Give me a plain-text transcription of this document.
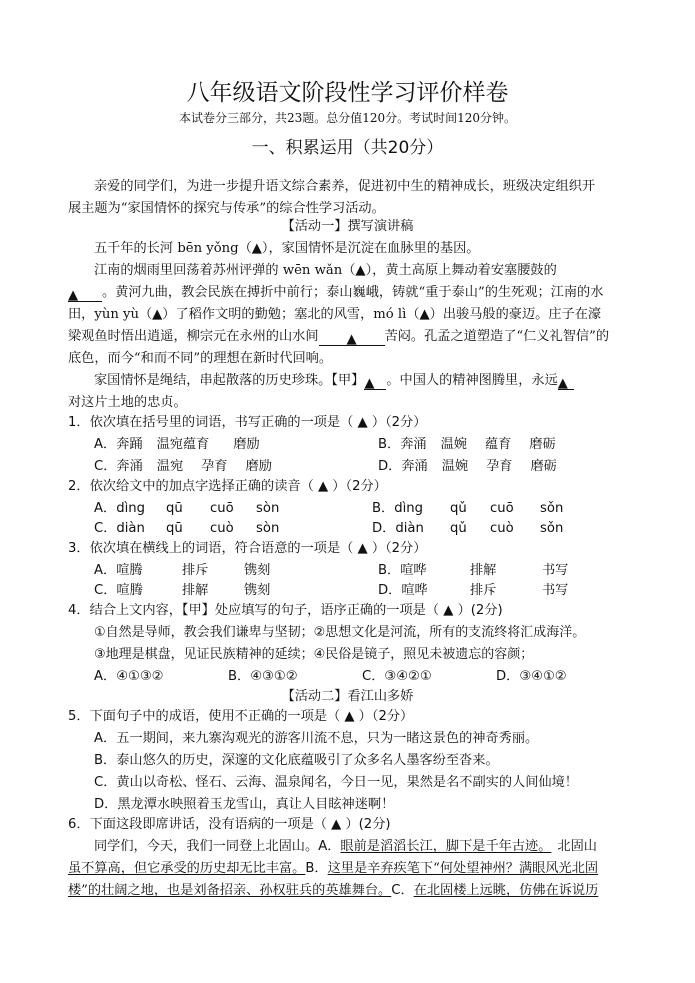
八年级语文阶段性学习评价样卷
本试卷分三部分，共23题。总分值120分。考试时间120分钟。
一、积累运用（共20分）
亲爱的同学们，为进一步提升语文综合素养，促进初中生的精神成长，班级决定组织开
展主题为“家国情怀的探究与传承”的综合性学习活动。
【活动一】撰写演讲稿
五千年的长河 bēn yǒng（▲），家国情怀是沉淀在血脉里的基因。
江南的烟雨里回荡着苏州评弹的 wēn wǎn（▲），黄土高原上舞动着安塞腰鼓的
▲ 。黄河九曲，教会民族在搏折中前行；泰山巍峨，铸就“重于泰山”的生死观；江南的水
田，yùn yù（▲）了稻作文明的勤勉；塞北的风雪，mó lì（▲）出骏马般的豪迈。庄子在濠
梁观鱼时悟出逍遥，柳宗元在永州的山水间 ▲ 苦闷。孔孟之道塑造了“仁义礼智信”的
底色，而今“和而不同”的理想在新时代回响。
家国情怀是绳结，串起散落的历史珍珠。【甲】▲ 。中国人的精神图腾里，永远▲
对这片土地的忠贞。
1．依次填在括号里的词语，书写正确的一项是（ ▲ ）（2分）
A．奔踊 温宛蕴育 磨励	B．奔涌 温婉 蕴育 磨砺
C．奔涌 温宛 孕育 磨励	D．奔涌 温婉 孕育 磨砺
2．依次给文中的加点字选择正确的读音（ ▲ ）（2分）
A．dìng qū cuō sòn	B．dìng qǔ cuō sǒn
C．diàn qū cuò sòn	D．diàn qǔ cuò sǒn
3．依次填在横线上的词语，符合语意的一项是（ ▲ ）（2分）
A．喧腾	排斥	镌刻	B．喧哗	排解	书写
C．喧腾	排解	镌刻	D．喧哗	排斥	书写
4．结合上文内容，【甲】处应填写的句子，语序正确的一项是（ ▲ ）(2分)
①自然是导师，教会我们谦卑与坚韧；②思想文化是河流，所有的支流终将汇成海洋。
③地理是棋盘，见证民族精神的延续；④民俗是镜子，照见未被遗忘的容颜；
A．④①③②	B．④③①②	C．③④②①	D．③④①②
【活动二】看江山多娇
5．下面句子中的成语，使用不正确的一项是（ ▲ ）（2分）
A．五一期间，来九寨沟观光的游客川流不息，只为一睹这景色的神奇秀丽。
B．泰山悠久的历史，深邃的文化底蕴吸引了众多名人墨客纷至沓来。
C．黄山以奇松、怪石、云海、温泉闻名，今日一见，果然是名不副实的人间仙境！
D．黑龙潭水映照着玉龙雪山，真让人目眩神迷啊！
6．下面这段即席讲话，没有语病的一项是（ ▲ ）(2分)
同学们，今天，我们一同登上北固山。A．眼前是滔滔长江，脚下是千年古迹。 北固山
虽不算高，但它承受的历史却无比丰富。B．这里是辛弃疾笔下“何处望神州？满眼风光北固
楼”的壮阔之地，也是刘备招亲、孙权驻兵的英雄舞台。C．在北固楼上远眺，仿佛在诉说历
